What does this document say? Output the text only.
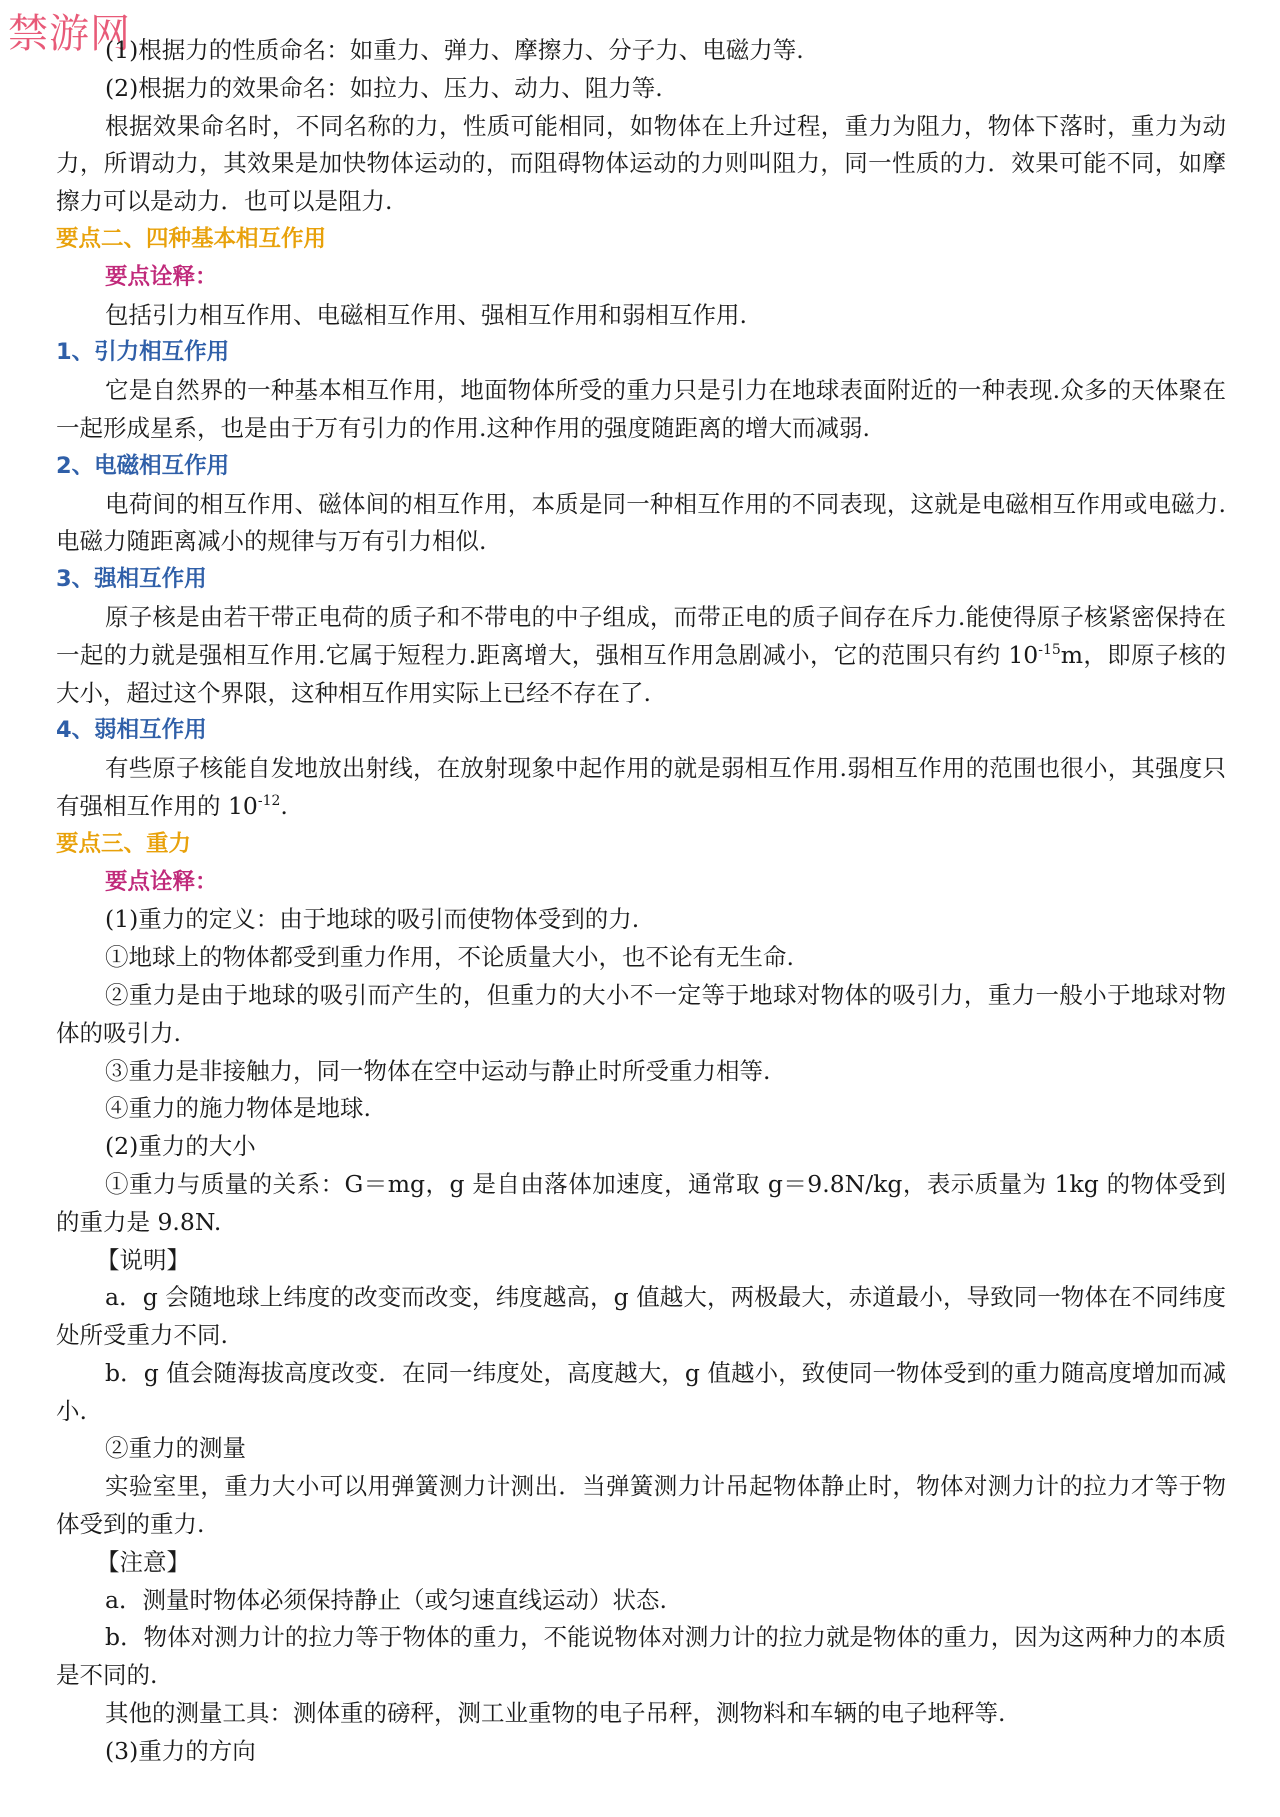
禁游网
(1)根据力的性质命名：如重力、弹力、摩擦力、分子力、电磁力等.
(2)根据力的效果命名：如拉力、压力、动力、阻力等.
根据效果命名时，不同名称的力，性质可能相同，如物体在上升过程，重力为阻力，物体下落时，重力为动力，所谓动力，其效果是加快物体运动的，而阻碍物体运动的力则叫阻力，同一性质的力．效果可能不同，如摩擦力可以是动力．也可以是阻力.
要点二、四种基本相互作用
要点诠释：
包括引力相互作用、电磁相互作用、强相互作用和弱相互作用.
1、引力相互作用
它是自然界的一种基本相互作用，地面物体所受的重力只是引力在地球表面附近的一种表现.众多的天体聚在一起形成星系，也是由于万有引力的作用.这种作用的强度随距离的增大而减弱.
2、电磁相互作用
电荷间的相互作用、磁体间的相互作用，本质是同一种相互作用的不同表现，这就是电磁相互作用或电磁力.电磁力随距离减小的规律与万有引力相似.
3、强相互作用
原子核是由若干带正电荷的质子和不带电的中子组成，而带正电的质子间存在斥力.能使得原子核紧密保持在一起的力就是强相互作用.它属于短程力.距离增大，强相互作用急剧减小，它的范围只有约 $10^{-15}m$，即原子核的大小，超过这个界限，这种相互作用实际上已经不存在了.
4、弱相互作用
有些原子核能自发地放出射线，在放射现象中起作用的就是弱相互作用.弱相互作用的范围也很小，其强度只有强相互作用的 $10^{-12}$.
要点三、重力
要点诠释：
(1)重力的定义：由于地球的吸引而使物体受到的力.
①地球上的物体都受到重力作用，不论质量大小，也不论有无生命.
②重力是由于地球的吸引而产生的，但重力的大小不一定等于地球对物体的吸引力，重力一般小于地球对物体的吸引力.
③重力是非接触力，同一物体在空中运动与静止时所受重力相等.
④重力的施力物体是地球.
(2)重力的大小
①重力与质量的关系：G＝mg，g 是自由落体加速度，通常取 g＝9.8N/kg，表示质量为 1kg 的物体受到的重力是 9.8N.
【说明】
a．g 会随地球上纬度的改变而改变，纬度越高，g 值越大，两极最大，赤道最小，导致同一物体在不同纬度处所受重力不同.
b．g 值会随海拔高度改变．在同一纬度处，高度越大，g 值越小，致使同一物体受到的重力随高度增加而减小.
②重力的测量
实验室里，重力大小可以用弹簧测力计测出．当弹簧测力计吊起物体静止时，物体对测力计的拉力才等于物体受到的重力.
【注意】
a．测量时物体必须保持静止（或匀速直线运动）状态.
b．物体对测力计的拉力等于物体的重力，不能说物体对测力计的拉力就是物体的重力，因为这两种力的本质是不同的.
其他的测量工具：测体重的磅秤，测工业重物的电子吊秤，测物料和车辆的电子地秤等.
(3)重力的方向
